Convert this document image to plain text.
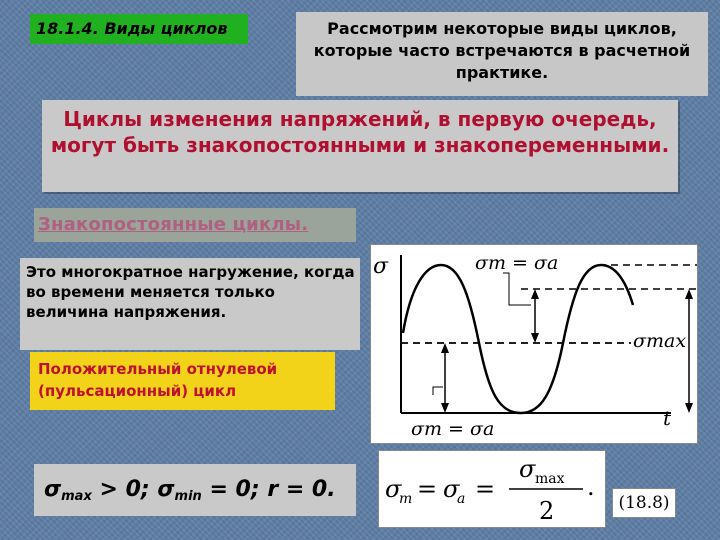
18.1.4. Виды циклов	Рассмотрим некоторые виды циклов, которые часто встречаются в расчетной практике.
Циклы изменения напряжений, в первую очередь, могут быть знакопостоянными и знакопеременными.
Знакопостоянные циклы.
Это многократное нагружение, когда во времени меняется только величина напряжения.
Положительный отнулевой (пульсационный) цикл
σ	σm = σa
σmax
t
σm = σa
σmax > 0; σmin = 0; r = 0.	σ
m = σ
a =
σ max
2
.
(18.8)
